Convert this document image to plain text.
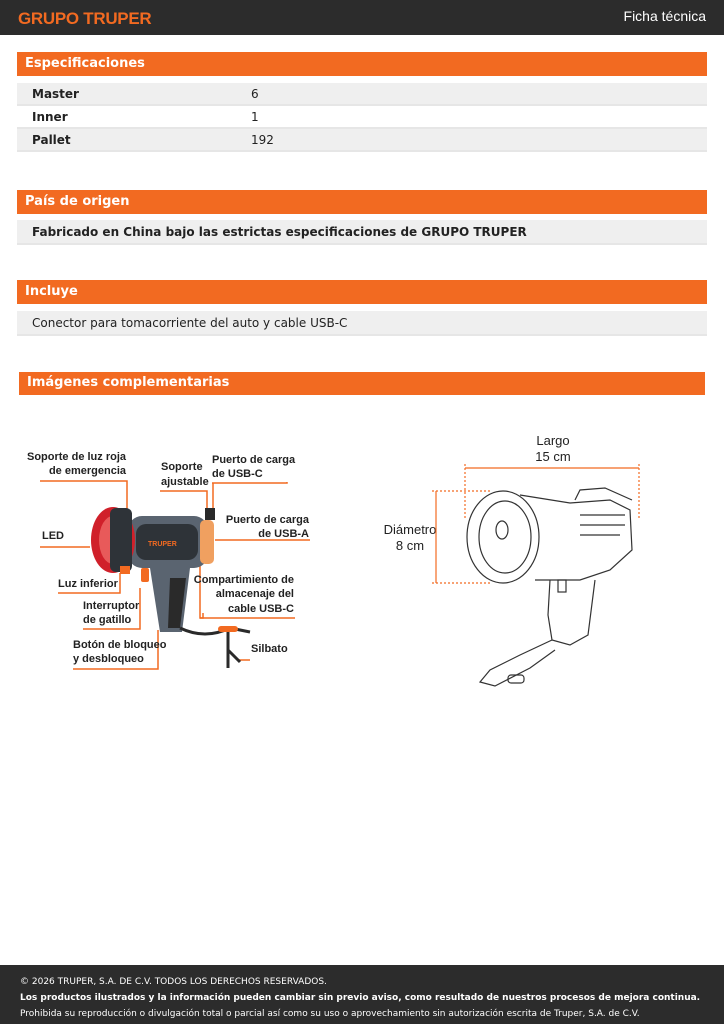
GRUPO TRUPER	Ficha técnica
Especificaciones
Master	6
Inner	1
Pallet	192
País de origen
Fabricado en China bajo las estrictas especificaciones de GRUPO TRUPER
Incluye
Conector para tomacorriente del auto y cable USB-C
Imágenes complementarias
TRUPER
Soporte de luz roja
de emergencia	Soporte
ajustable
Puerto de carga
de USB-C
Puerto de carga
de USB-A
LED
Luz inferior	Compartimiento de
almacenaje del
cable USB-C
Interruptor
de gatillo
Botón de bloqueo
y desbloqueo
Silbato
Largo
15 cm
Diámetro
8 cm
© 2026 TRUPER, S.A. DE C.V. TODOS LOS DERECHOS RESERVADOS.
Los productos ilustrados y la información pueden cambiar sin previo aviso, como resultado de nuestros procesos de mejora continua.
Prohibida su reproducción o divulgación total o parcial así como su uso o aprovechamiento sin autorización escrita de Truper, S.A. de C.V.
